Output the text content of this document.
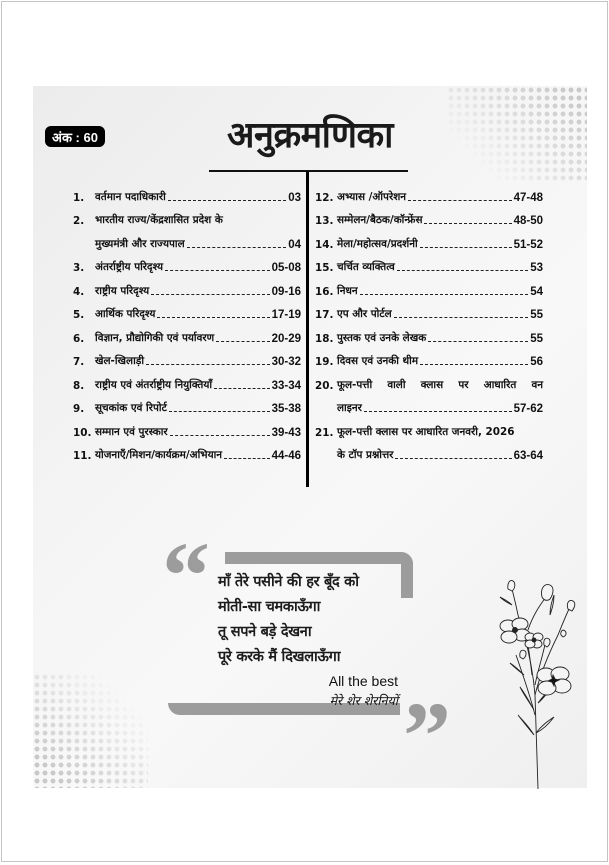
अंक : 60	अनुक्रमणिका
1.	वर्तमान पदाधिकारी	03
2.	भारतीय राज्य/केंद्रशासित प्रदेश के
मुख्यमंत्री और राज्यपाल	04
3.	अंतर्राष्ट्रीय परिदृश्य	05-08
4.	राष्ट्रीय परिदृश्य	09-16
5.	आर्थिक परिदृश्य	17-19
6.	विज्ञान, प्रौद्योगिकी एवं पर्यावरण	20-29
7.	खेल-खिलाड़ी	30-32
8.	राष्ट्रीय एवं अंतर्राष्ट्रीय नियुक्तियाँ	33-34
9.	सूचकांक एवं रिपोर्ट	35-38
10. सम्मान एवं पुरस्कार	39-43
11. योजनाएँ/मिशन/कार्यक्रम/अभियान	44-46
12. अभ्यास /ऑपरेशन	47-48
13. सम्मेलन/बैठक/कॉन्फ्रेंस	48-50
14. मेला/महोत्सव/प्रदर्शनी	51-52
15. चर्चित व्यक्तित्व	53
16. निधन	54
17. एप और पोर्टल	55
18. पुस्तक एवं उनके लेखक	55
19. दिवस एवं उनकी थीम	56
20. फूल-पत्ती वाली क्लास पर आधारित वन
लाइनर	57-62
21. फूल-पत्ती क्लास पर आधारित जनवरी, 2026
के टॉप प्रश्नोत्तर	63-64
“
”
माँ तेरे पसीने की हर बूँद को
मोती-सा चमकाऊँगा
तू सपने बड़े देखना
पूरे करके मैं दिखलाऊँगा
All the best
मेरे शेर शेरनियों
